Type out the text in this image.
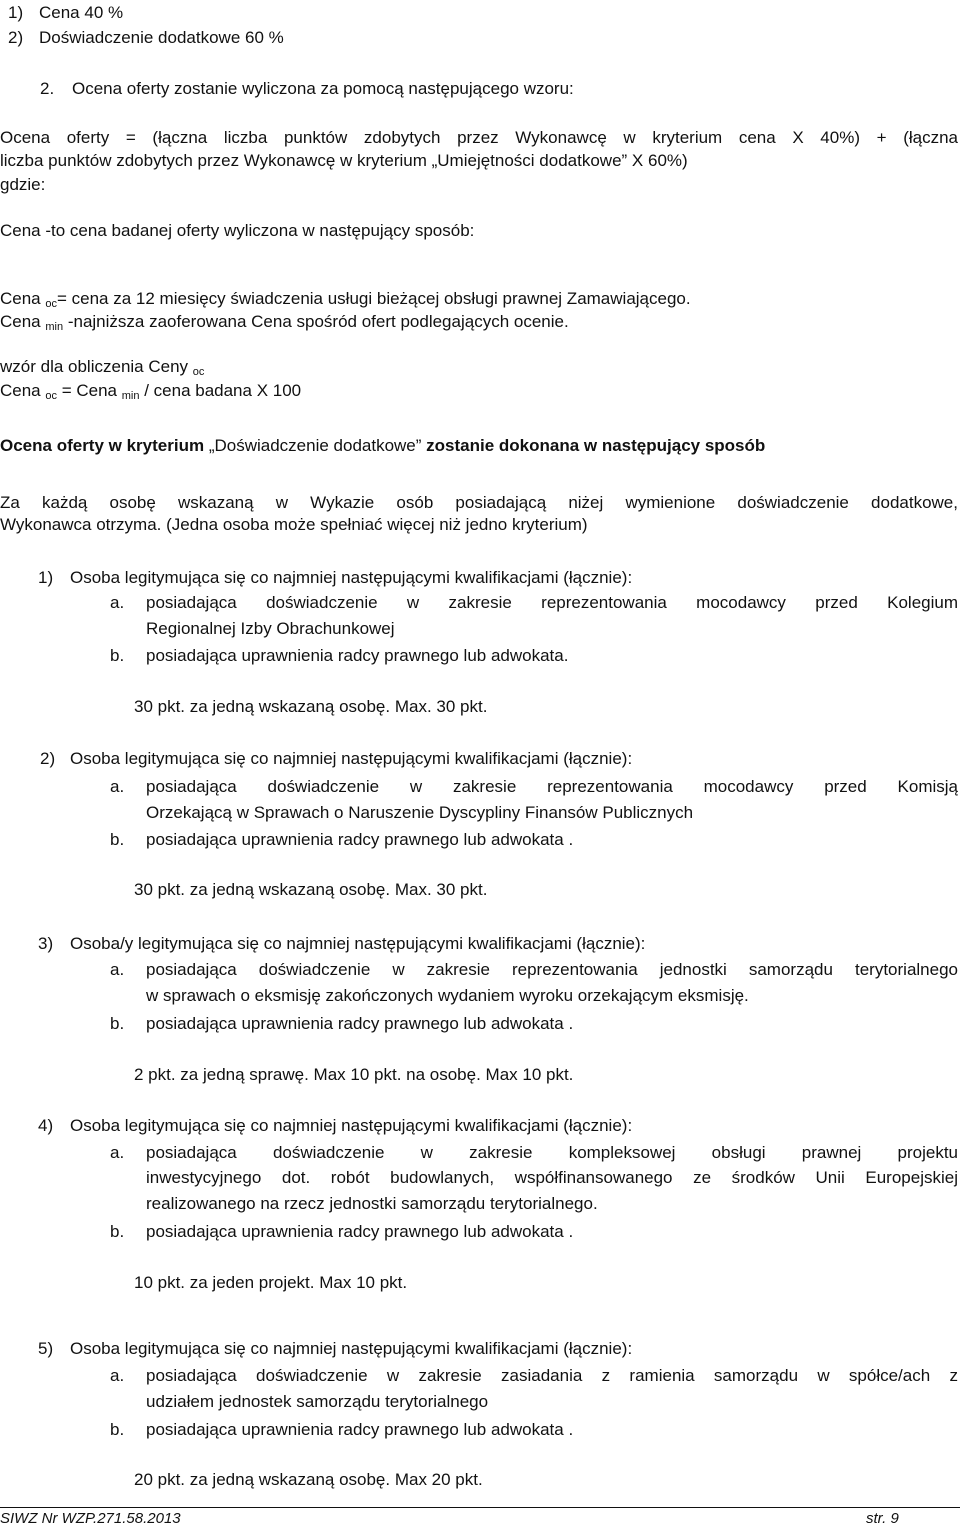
1) Cena 40 %
2) Doświadczenie dodatkowe 60 %
2. Ocena oferty zostanie wyliczona za pomocą następującego wzoru:
Ocena oferty = (łączna liczba punktów zdobytych przez Wykonawcę w kryterium cena X 40%) + (łączna
liczba punktów zdobytych przez Wykonawcę w kryterium „Umiejętności dodatkowe” X 60%)
gdzie:
Cena -to cena badanej oferty wyliczona w następujący sposób:
Cena $_{oc}$= cena za 12 miesięcy świadczenia usługi bieżącej obsługi prawnej Zamawiającego.
Cena $_{min}$ -najniższa zaoferowana Cena spośród ofert podlegających ocenie.
wzór dla obliczenia Ceny $_{oc}$
Cena $_{oc}$ = Cena $_{min}$ / cena badana X 100
Ocena oferty w kryterium „Doświadczenie dodatkowe” zostanie dokonana w następujący sposób
Za każdą osobę wskazaną w Wykazie osób posiadającą niżej wymienione doświadczenie dodatkowe,
Wykonawca otrzyma. (Jedna osoba może spełniać więcej niż jedno kryterium)
1) Osoba legitymująca się co najmniej następującymi kwalifikacjami (łącznie):
a. posiadająca doświadczenie w zakresie reprezentowania mocodawcy przed Kolegium
Regionalnej Izby Obrachunkowej
b. posiadająca uprawnienia radcy prawnego lub adwokata.
30 pkt. za jedną wskazaną osobę. Max. 30 pkt.
2) Osoba legitymująca się co najmniej następującymi kwalifikacjami (łącznie):
a. posiadająca doświadczenie w zakresie reprezentowania mocodawcy przed Komisją
Orzekającą w Sprawach o Naruszenie Dyscypliny Finansów Publicznych
b. posiadająca uprawnienia radcy prawnego lub adwokata .
30 pkt. za jedną wskazaną osobę. Max. 30 pkt.
3) Osoba/y legitymująca się co najmniej następującymi kwalifikacjami (łącznie):
a. posiadająca doświadczenie w zakresie reprezentowania jednostki samorządu terytorialnego
w sprawach o eksmisję zakończonych wydaniem wyroku orzekającym eksmisję.
b. posiadająca uprawnienia radcy prawnego lub adwokata .
2 pkt. za jedną sprawę. Max 10 pkt. na osobę. Max 10 pkt.
4) Osoba legitymująca się co najmniej następującymi kwalifikacjami (łącznie):
a. posiadająca doświadczenie w zakresie kompleksowej obsługi prawnej projektu
inwestycyjnego dot. robót budowlanych, współfinansowanego ze środków Unii Europejskiej
realizowanego na rzecz jednostki samorządu terytorialnego.
b. posiadająca uprawnienia radcy prawnego lub adwokata .
10 pkt. za jeden projekt. Max 10 pkt.
5) Osoba legitymująca się co najmniej następującymi kwalifikacjami (łącznie):
a. posiadająca doświadczenie w zakresie zasiadania z ramienia samorządu w spółce/ach z
udziałem jednostek samorządu terytorialnego
b. posiadająca uprawnienia radcy prawnego lub adwokata .
20 pkt. za jedną wskazaną osobę. Max 20 pkt.
SIWZ Nr WZP.271.58.2013	str. 9
